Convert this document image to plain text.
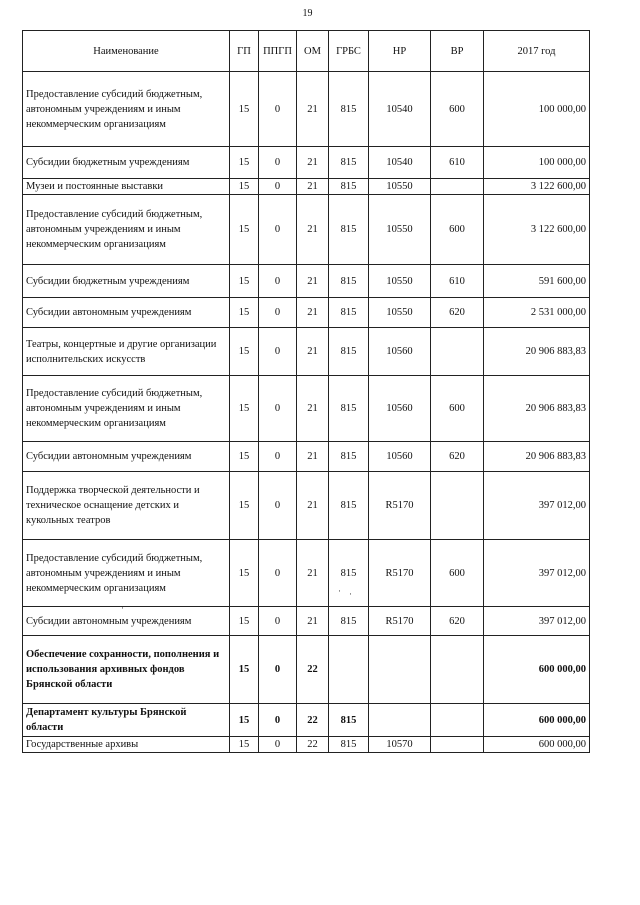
19
Наименование	ГП	ППГП	ОМ	ГРБС	НР	ВР	2017 год
Предоставление субсидий бюджетным, автономным учреждениям и иным некоммерческим организациям	15	0	21	815	10540	600	100 000,00
Субсидии бюджетным учреждениям	15	0	21	815	10540	610	100 000,00
Музеи и постоянные выставки	15	0	21	815	10550		3 122 600,00
Предоставление субсидий бюджетным, автономным учреждениям и иным некоммерческим организациям	15	0	21	815	10550	600	3 122 600,00
Субсидии бюджетным учреждениям	15	0	21	815	10550	610	591 600,00
Субсидии автономным учреждениям	15	0	21	815	10550	620	2 531 000,00
Театры, концертные и другие организации исполнительских искусств	15	0	21	815	10560		20 906 883,83
Предоставление субсидий бюджетным, автономным учреждениям и иным некоммерческим организациям	15	0	21	815	10560	600	20 906 883,83
Субсидии автономным учреждениям	15	0	21	815	10560	620	20 906 883,83
Поддержка творческой деятельности и техническое оснащение детских и кукольных театров	15	0	21	815	R5170		397 012,00
Предоставление субсидий бюджетным, автономным учреждениям и иным некоммерческим организациям	15	0	21	815	R5170	600	397 012,00
Субсидии автономным учреждениям	15	0	21	815	R5170	620	397 012,00
Обеспечение сохранности, пополнения и использования архивных фондов Брянской области	15	0	22				600 000,00
Департамент культуры Брянской области	15	0	22	815			600 000,00
Государственные архивы	15	0	22	815	10570		600 000,00
· ·
·
